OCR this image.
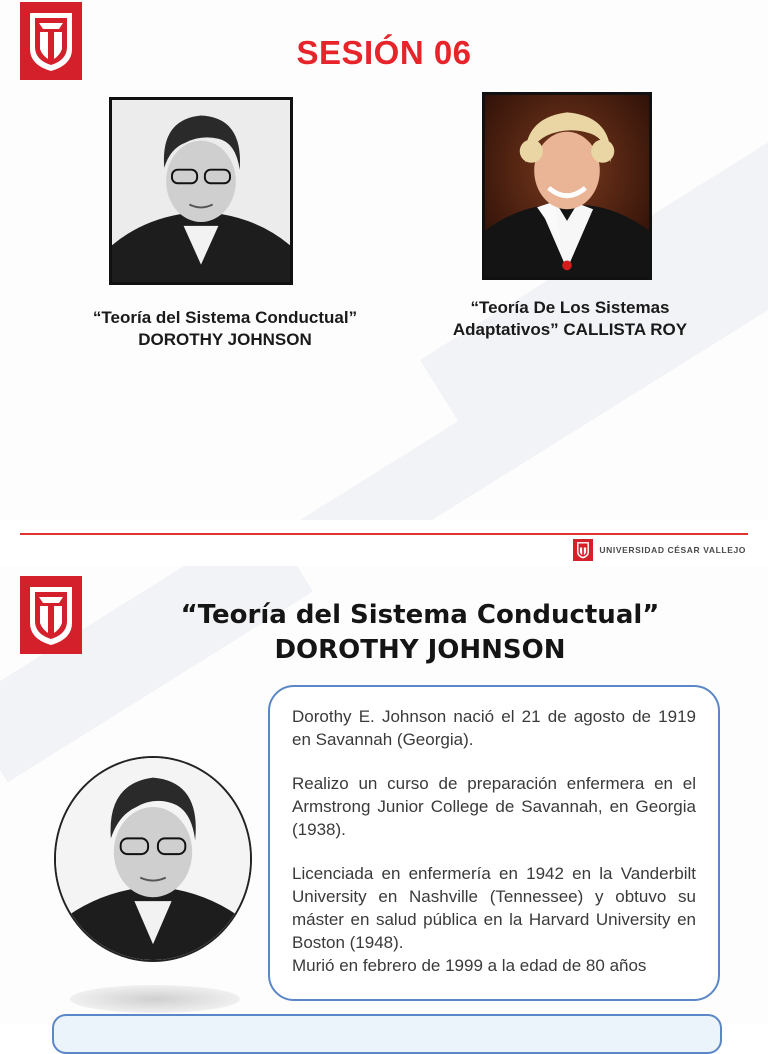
SESIÓN 06
“Teoría del Sistema Conductual”
DOROTHY JOHNSON
“Teoría De Los Sistemas
Adaptativos” CALLISTA ROY
UNIVERSIDAD CÉSAR VALLEJO
“Teoría del Sistema Conductual”
DOROTHY JOHNSON

Dorothy E. Johnson nació el 21 de agosto de 1919 en Savannah (Georgia).

Realizo un curso de preparación enfermera en el Armstrong Junior College de Savannah, en Georgia (1938).

Licenciada en enfermería en 1942 en la Vanderbilt University en Nashville (Tennessee) y obtuvo su máster en salud pública en la Harvard University en Boston (1948).

Murió en febrero de 1999 a la edad de 80 años
